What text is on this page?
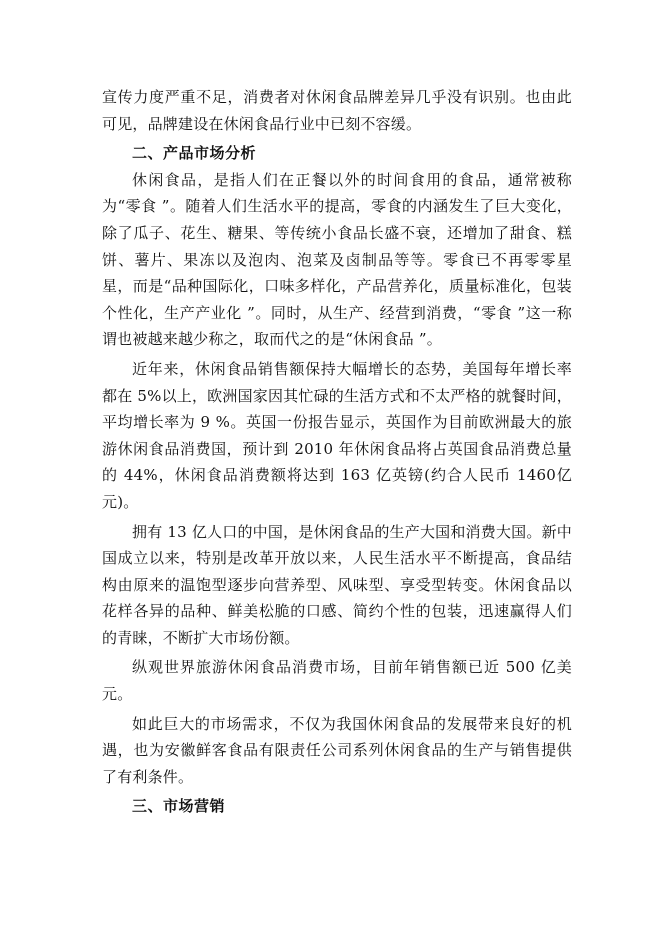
宣传力度严重不足，消费者对休闲食品牌差异几乎没有识别。也由此可见，品牌建设在休闲食品行业中已刻不容缓。

二、产品市场分析

休闲食品，是指人们在正餐以外的时间食用的食品，通常被称为“零食 ”。随着人们生活水平的提高，零食的内涵发生了巨大变化，除了瓜子、花生、糖果、等传统小食品长盛不衰，还增加了甜食、糕饼、薯片、果冻以及泡肉、泡菜及卤制品等等。零食已不再零零星星，而是“品种国际化，口味多样化，产品营养化，质量标准化，包装个性化，生产产业化 ”。同时，从生产、经营到消费，“零食 ”这一称谓也被越来越少称之，取而代之的是“休闲食品 ”。

近年来，休闲食品销售额保持大幅增长的态势，美国每年增长率都在 5%以上，欧洲国家因其忙碌的生活方式和不太严格的就餐时间，平均增长率为 9 %。英国一份报告显示，英国作为目前欧洲最大的旅游休闲食品消费国，预计到 2010 年休闲食品将占英国食品消费总量的 44%，休闲食品消费额将达到 163 亿英镑(约合人民币 1460亿元)。

拥有 13 亿人口的中国，是休闲食品的生产大国和消费大国。新中国成立以来，特别是改革开放以来，人民生活水平不断提高，食品结构由原来的温饱型逐步向营养型、风味型、享受型转变。休闲食品以花样各异的品种、鲜美松脆的口感、简约个性的包装，迅速赢得人们的青睐，不断扩大市场份额。

纵观世界旅游休闲食品消费市场，目前年销售额已近 500 亿美元。

如此巨大的市场需求，不仅为我国休闲食品的发展带来良好的机遇，也为安徽鲜客食品有限责任公司系列休闲食品的生产与销售提供了有利条件。

三、市场营销
